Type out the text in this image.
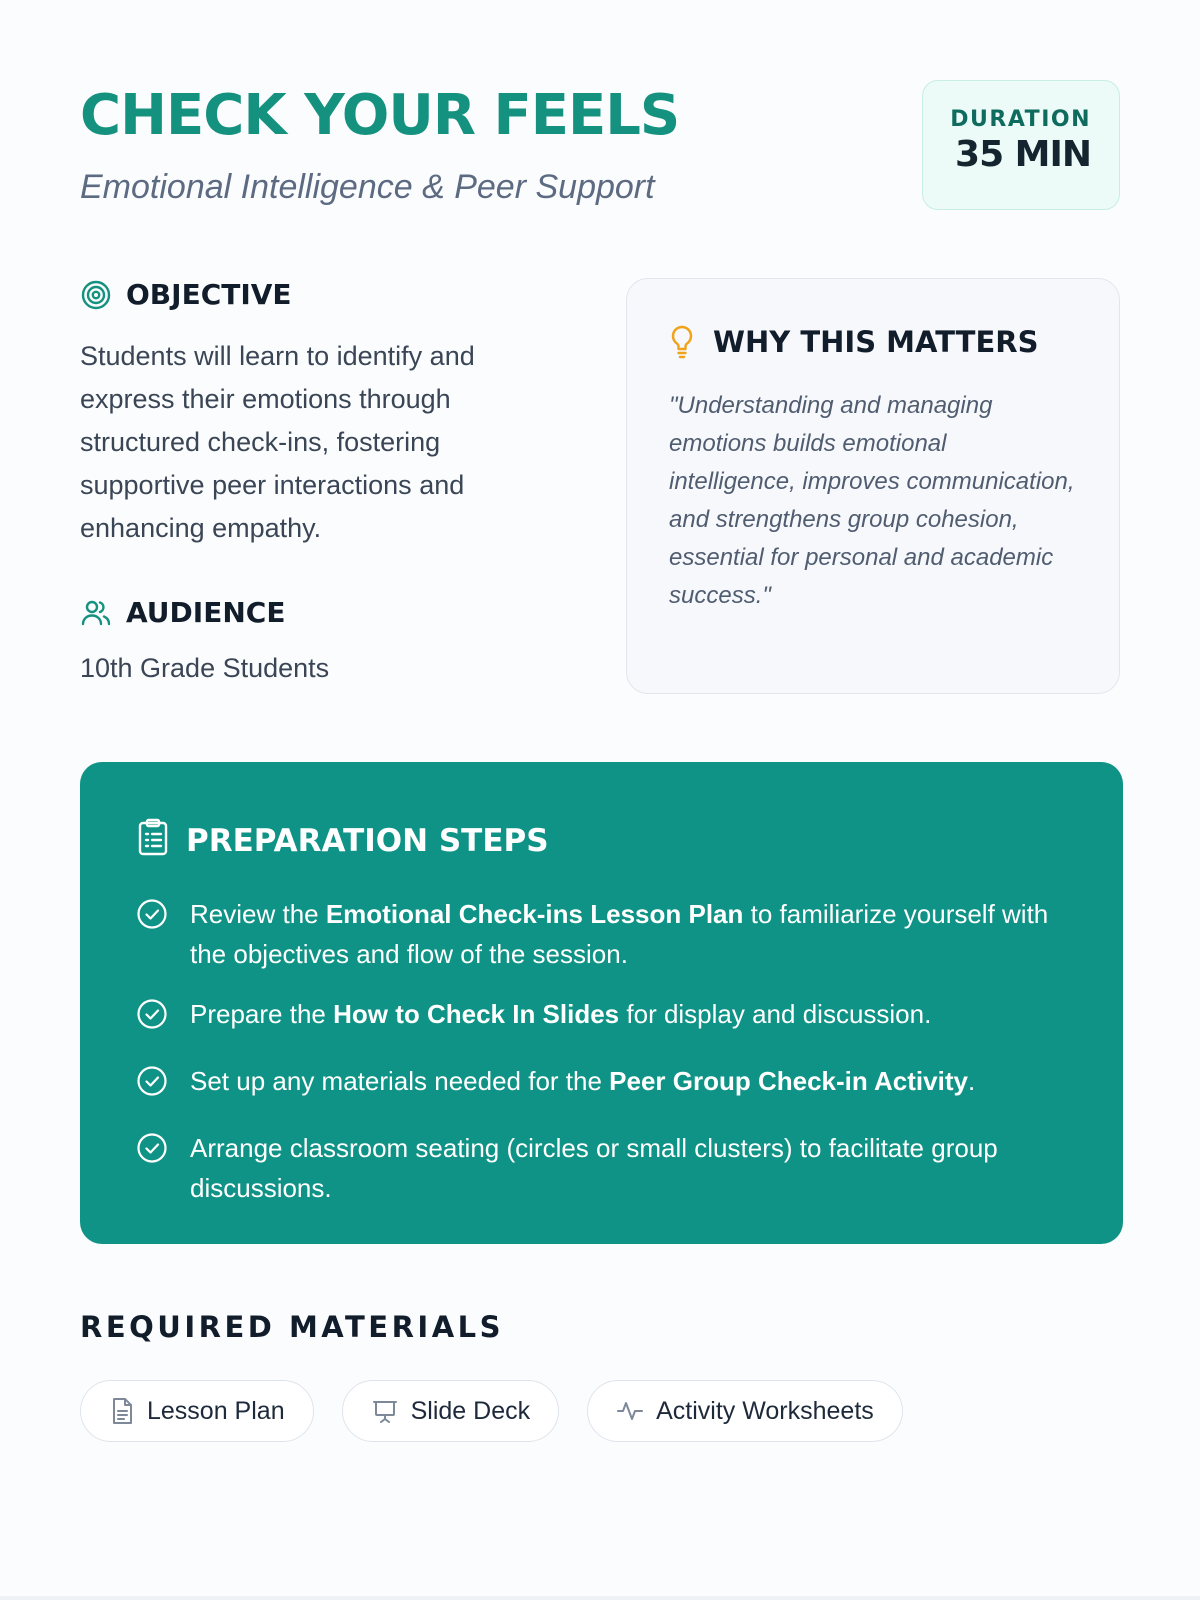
CHECK YOUR FEELS
Emotional Intelligence & Peer Support
DURATION
35 MIN
OBJECTIVE

Students will learn to identify and express their emotions through structured check-ins, fostering supportive peer interactions and enhancing empathy.

AUDIENCE

10th Grade Students

WHY THIS MATTERS

"Understanding and managing emotions builds emotional intelligence, improves communication, and strengthens group cohesion, essential for personal and academic success."

PREPARATION STEPS
Review the Emotional Check-ins Lesson Plan to familiarize yourself with the objectives and flow of the session.
Prepare the How to Check In Slides for display and discussion.
Set up any materials needed for the Peer Group Check-in Activity.
Arrange classroom seating (circles or small clusters) to facilitate group discussions.
REQUIRED MATERIALS
Lesson Plan	Slide Deck	Activity Worksheets
